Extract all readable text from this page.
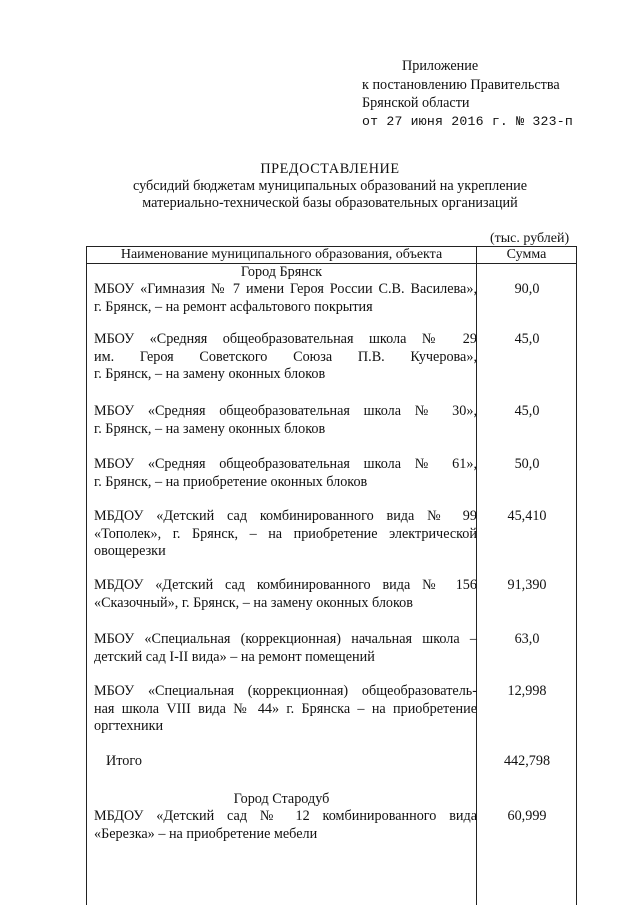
Приложение
к постановлению Правительства
Брянской области
от 27 июня 2016 г. № 323-п
ПРЕДОСТАВЛЕНИЕ
субсидий бюджетам муниципальных образований на укрепление
материально-технической базы образовательных организаций
(тыс. рублей)
Наименование муниципального образования, объекта	Сумма
Город Брянск
МБОУ «Гимназия № 7 имени Героя России С.В. Василева»,
г. Брянск, – на ремонт асфальтового покрытия
90,0
МБОУ «Средняя общеобразовательная школа № 29
им. Героя Советского Союза П.В. Кучерова»,
г. Брянск, – на замену оконных блоков
45,0
МБОУ «Средняя общеобразовательная школа № 30»,
г. Брянск, – на замену оконных блоков
45,0
МБОУ «Средняя общеобразовательная школа № 61»,
г. Брянск, – на приобретение оконных блоков
50,0
МБДОУ «Детский сад комбинированного вида № 99
«Тополек», г. Брянск, – на приобретение электрической
овощерезки
45,410
МБДОУ «Детский сад комбинированного вида № 156
«Сказочный», г. Брянск, – на замену оконных блоков
91,390
МБОУ «Специальная (коррекционная) начальная школа –
детский сад I-II вида» – на ремонт помещений
63,0
МБОУ «Специальная (коррекционная) общеобразователь-
ная школа VIII вида № 44» г. Брянска – на приобретение
оргтехники
12,998
Итого	442,798
Город Стародуб
МБДОУ «Детский сад № 12 комбинированного вида
«Березка» – на приобретение мебели
60,999
